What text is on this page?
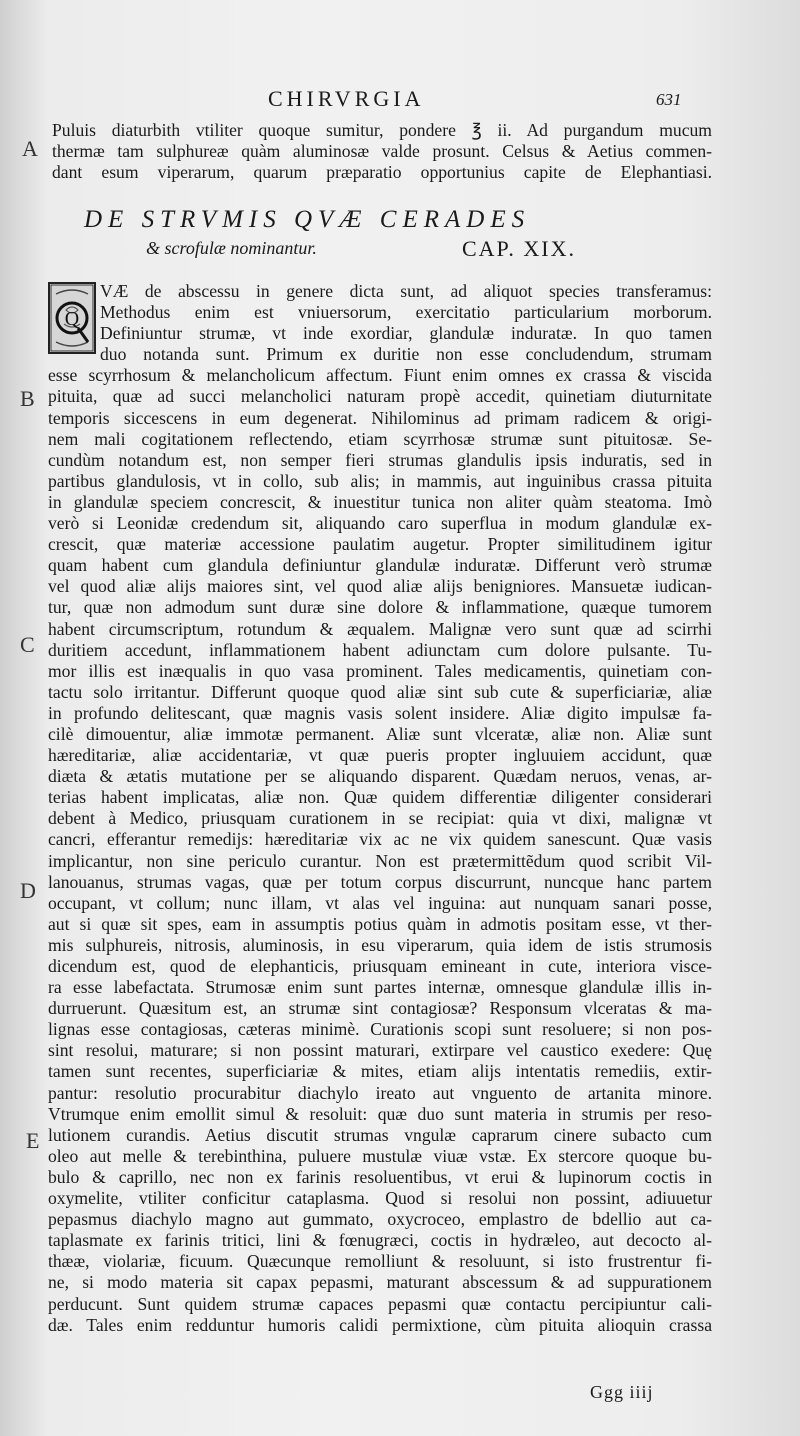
CHIRVRGIA	631
A
B
C
D
E
Puluis diaturbith vtiliter quoque sumitur, pondere ℥ ii. Ad purgandum mucum
thermæ tam sulphureæ quàm aluminosæ valde prosunt. Celsus & Aetius commen-
dant esum viperarum, quarum præparatio opportunius capite de Elephantiasi.
DE STRVMIS QVÆ CERADES
& scrofulæ nominantur.	CAP. XIX.
Q
VÆ de abscessu in genere dicta sunt, ad aliquot species transferamus:
Methodus enim est vniuersorum, exercitatio particularium morborum.
Definiuntur strumæ, vt inde exordiar, glandulæ induratæ. In quo tamen
duo notanda sunt. Primum ex duritie non esse concludendum, strumam
esse scyrrhosum & melancholicum affectum. Fiunt enim omnes ex crassa & viscida
pituita, quæ ad succi melancholici naturam propè accedit, quinetiam diuturnitate
temporis siccescens in eum degenerat. Nihilominus ad primam radicem & origi-
nem mali cogitationem reflectendo, etiam scyrrhosæ strumæ sunt pituitosæ. Se-
cundùm notandum est, non semper fieri strumas glandulis ipsis induratis, sed in
partibus glandulosis, vt in collo, sub alis; in mammis, aut inguinibus crassa pituita
in glandulæ speciem concrescit, & inuestitur tunica non aliter quàm steatoma. Imò
verò si Leonidæ credendum sit, aliquando caro superflua in modum glandulæ ex-
crescit, quæ materiæ accessione paulatim augetur. Propter similitudinem igitur
quam habent cum glandula definiuntur glandulæ induratæ. Differunt verò strumæ
vel quod aliæ alijs maiores sint, vel quod aliæ alijs benigniores. Mansuetæ iudican-
tur, quæ non admodum sunt duræ sine dolore & inflammatione, quæque tumorem
habent circumscriptum, rotundum & æqualem. Malignæ vero sunt quæ ad scirrhi
duritiem accedunt, inflammationem habent adiunctam cum dolore pulsante. Tu-
mor illis est inæqualis in quo vasa prominent. Tales medicamentis, quinetiam con-
tactu solo irritantur. Differunt quoque quod aliæ sint sub cute & superficiariæ, aliæ
in profundo delitescant, quæ magnis vasis solent insidere. Aliæ digito impulsæ fa-
cilè dimouentur, aliæ immotæ permanent. Aliæ sunt vlceratæ, aliæ non. Aliæ sunt
hæreditariæ, aliæ accidentariæ, vt quæ pueris propter ingluuiem accidunt, quæ
diæta & ætatis mutatione per se aliquando disparent. Quædam neruos, venas, ar-
terias habent implicatas, aliæ non. Quæ quidem differentiæ diligenter considerari
debent à Medico, priusquam curationem in se recipiat: quia vt dixi, malignæ vt
cancri, efferantur remedijs: hæreditariæ vix ac ne vix quidem sanescunt. Quæ vasis
implicantur, non sine periculo curantur. Non est prætermittẽdum quod scribit Vil-
lanouanus, strumas vagas, quæ per totum corpus discurrunt, nuncque hanc partem
occupant, vt collum; nunc illam, vt alas vel inguina: aut nunquam sanari posse,
aut si quæ sit spes, eam in assumptis potius quàm in admotis positam esse, vt ther-
mis sulphureis, nitrosis, aluminosis, in esu viperarum, quia idem de istis strumosis
dicendum est, quod de elephanticis, priusquam emineant in cute, interiora visce-
ra esse labefactata. Strumosæ enim sunt partes internæ, omnesque glandulæ illis in-
durruerunt. Quæsitum est, an strumæ sint contagiosæ? Responsum vlceratas & ma-
lignas esse contagiosas, cæteras minimè. Curationis scopi sunt resoluere; si non pos-
sint resolui, maturare; si non possint maturari, extirpare vel caustico exedere: Quę
tamen sunt recentes, superficiariæ & mites, etiam alijs intentatis remediis, extir-
pantur: resolutio procurabitur diachylo ireato aut vnguento de artanita minore.
Vtrumque enim emollit simul & resoluit: quæ duo sunt materia in strumis per reso-
lutionem curandis. Aetius discutit strumas vngulæ caprarum cinere subacto cum
oleo aut melle & terebinthina, puluere mustulæ viuæ vstæ. Ex stercore quoque bu-
bulo & caprillo, nec non ex farinis resoluentibus, vt erui & lupinorum coctis in
oxymelite, vtiliter conficitur cataplasma. Quod si resolui non possint, adiuuetur
pepasmus diachylo magno aut gummato, oxycroceo, emplastro de bdellio aut ca-
taplasmate ex farinis tritici, lini & fœnugræci, coctis in hydræleo, aut decocto al-
thææ, violariæ, ficuum. Quæcunque remolliunt & resoluunt, si isto frustrentur fi-
ne, si modo materia sit capax pepasmi, maturant abscessum & ad suppurationem
perducunt. Sunt quidem strumæ capaces pepasmi quæ contactu percipiuntur cali-
dæ. Tales enim redduntur humoris calidi permixtione, cùm pituita alioquin crassa
Ggg iiij
